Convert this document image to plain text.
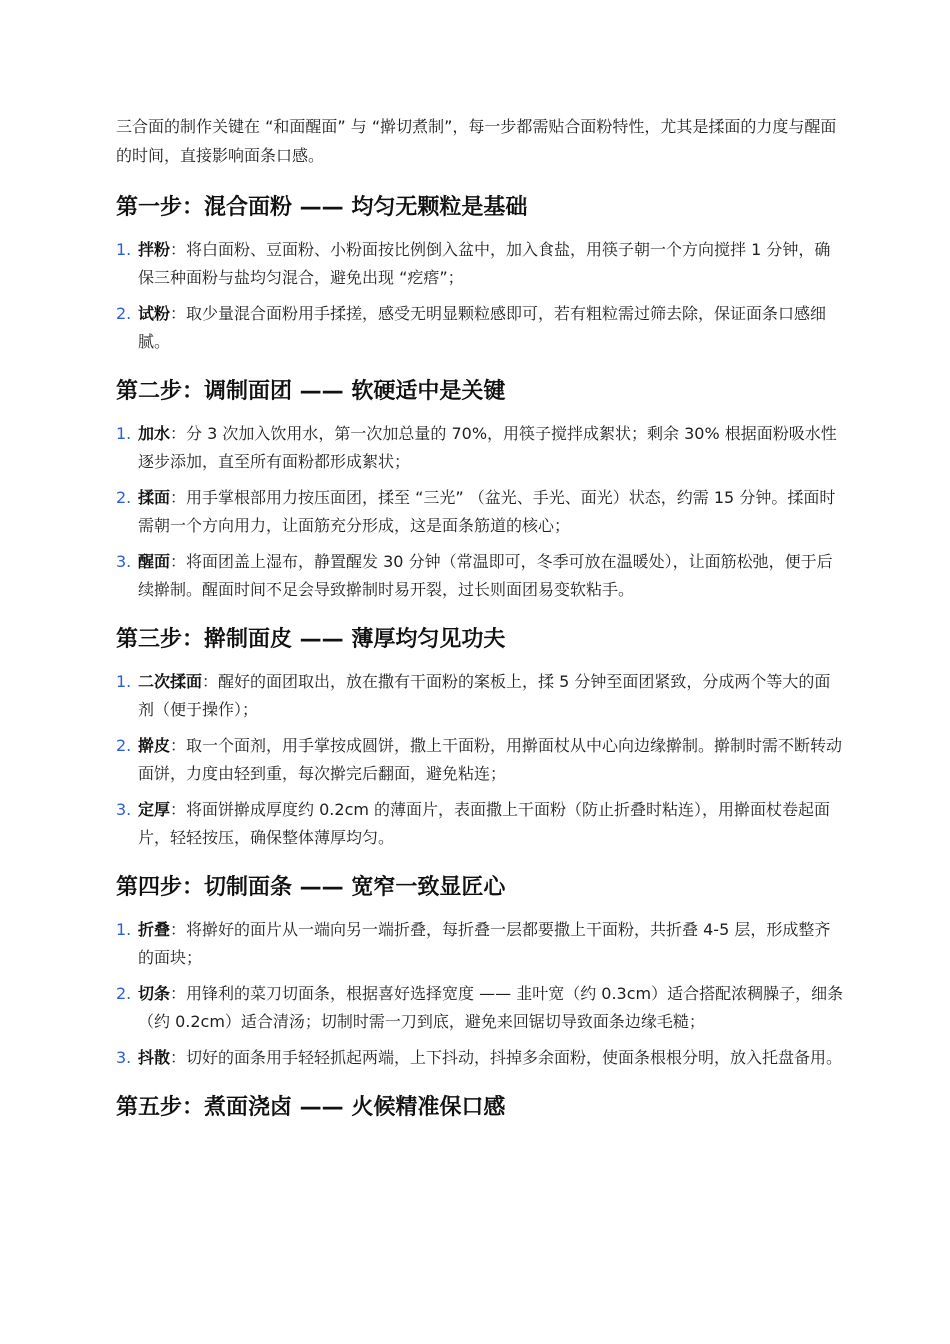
三合面的制作关键在 “和面醒面” 与 “擀切煮制”，每一步都需贴合面粉特性，尤其是揉面的力度与醒面的时间，直接影响面条口感。

第一步：混合面粉 —— 均匀无颗粒是基础
1. 拌粉：将白面粉、豆面粉、小粉面按比例倒入盆中，加入食盐，用筷子朝一个方向搅拌 1 分钟，确保三种面粉与盐均匀混合，避免出现 “疙瘩”；
2. 试粉：取少量混合面粉用手揉搓，感受无明显颗粒感即可，若有粗粒需过筛去除，保证面条口感细腻。
第二步：调制面团 —— 软硬适中是关键
1. 加水：分 3 次加入饮用水，第一次加总量的 70%，用筷子搅拌成絮状；剩余 30% 根据面粉吸水性逐步添加，直至所有面粉都形成絮状；
2. 揉面：用手掌根部用力按压面团，揉至 “三光” （盆光、手光、面光）状态，约需 15 分钟。揉面时需朝一个方向用力，让面筋充分形成，这是面条筋道的核心；
3. 醒面：将面团盖上湿布，静置醒发 30 分钟（常温即可，冬季可放在温暖处），让面筋松弛，便于后续擀制。醒面时间不足会导致擀制时易开裂，过长则面团易变软粘手。
第三步：擀制面皮 —— 薄厚均匀见功夫
1. 二次揉面：醒好的面团取出，放在撒有干面粉的案板上，揉 5 分钟至面团紧致，分成两个等大的面剂（便于操作）；
2. 擀皮：取一个面剂，用手掌按成圆饼，撒上干面粉，用擀面杖从中心向边缘擀制。擀制时需不断转动面饼，力度由轻到重，每次擀完后翻面，避免粘连；
3. 定厚：将面饼擀成厚度约 0.2cm 的薄面片，表面撒上干面粉（防止折叠时粘连），用擀面杖卷起面片，轻轻按压，确保整体薄厚均匀。
第四步：切制面条 —— 宽窄一致显匠心
1. 折叠：将擀好的面片从一端向另一端折叠，每折叠一层都要撒上干面粉，共折叠 4-5 层，形成整齐的面块；
2. 切条：用锋利的菜刀切面条，根据喜好选择宽度 —— 韭叶宽（约 0.3cm）适合搭配浓稠臊子，细条（约 0.2cm）适合清汤；切制时需一刀到底，避免来回锯切导致面条边缘毛糙；
3. 抖散：切好的面条用手轻轻抓起两端，上下抖动，抖掉多余面粉，使面条根根分明，放入托盘备用。
第五步：煮面浇卤 —— 火候精准保口感
